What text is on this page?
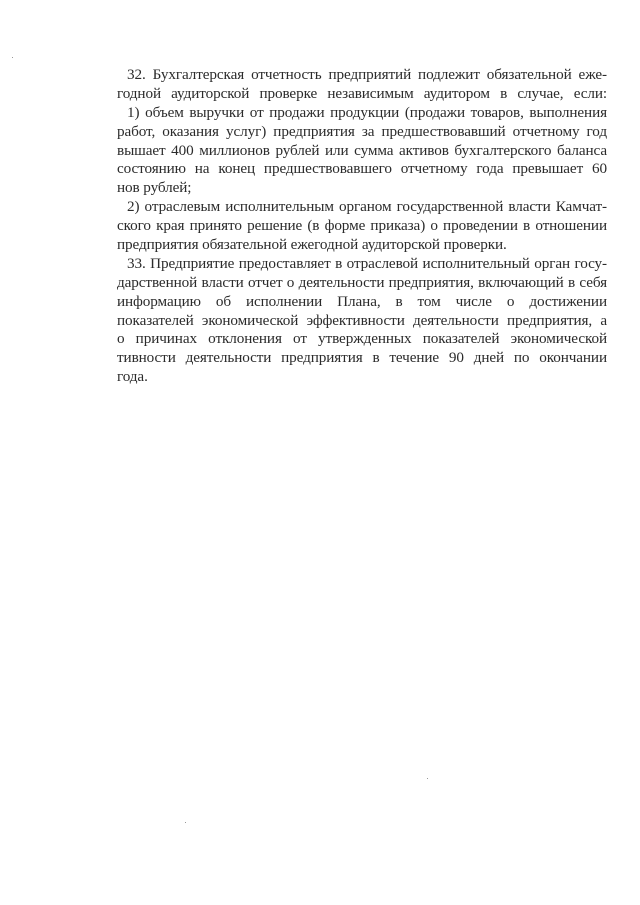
32. Бухгалтерская отчетность предприятий подлежит обязательной еже-
годной аудиторской проверке независимым аудитором в случае, если:
1) объем выручки от продажи продукции (продажи товаров, выполнения
работ, оказания услуг) предприятия за предшествовавший отчетному год
вышает 400 миллионов рублей или сумма активов бухгалтерского баланса
состоянию на конец предшествовавшего отчетному года превышает 60
нов рублей;
2) отраслевым исполнительным органом государственной власти Камчат-
ского края принято решение (в форме приказа) о проведении в отношении
предприятия обязательной ежегодной аудиторской проверки.
33. Предприятие предоставляет в отраслевой исполнительный орган госу-
дарственной власти отчет о деятельности предприятия, включающий в себя
информацию об исполнении Плана, в том числе о достижении
показателей экономической эффективности деятельности предприятия, а
о причинах отклонения от утвержденных показателей экономической
тивности деятельности предприятия в течение 90 дней по окончании
года.
